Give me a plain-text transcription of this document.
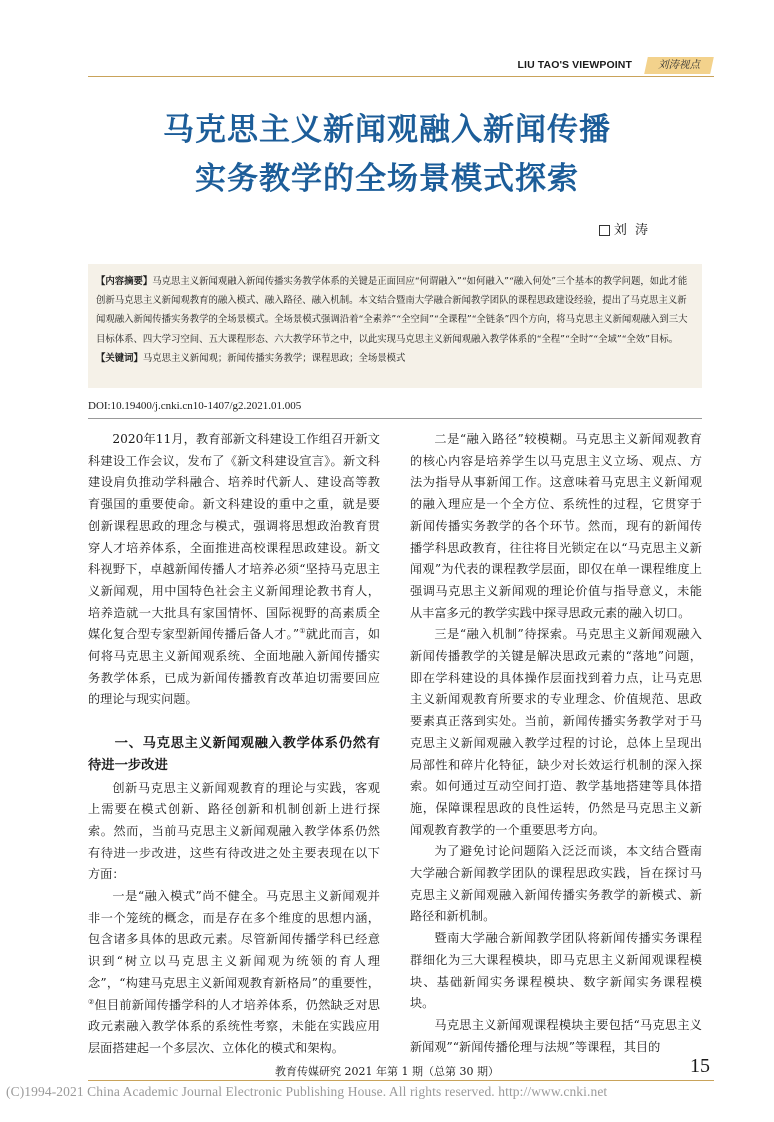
LIU TAO'S VIEWPOINT	刘涛视点
马克思主义新闻观融入新闻传播
实务教学的全场景模式探索
刘 涛
【内容摘要】马克思主义新闻观融入新闻传播实务教学体系的关键是正面回应“何谓融入”“如何融入”“融入何处”三个基本的教学问题，如此才能创新马克思主义新闻观教育的融入模式、融入路径、融入机制。本文结合暨南大学融合新闻教学团队的课程思政建设经验，提出了马克思主义新闻观融入新闻传播实务教学的全场景模式。全场景模式强调沿着“全素养”“全空间”“全课程”“全链条”四个方向，将马克思主义新闻观融入到三大目标体系、四大学习空间、五大课程形态、六大教学环节之中，以此实现马克思主义新闻观融入教学体系的“全程”“全时”“全域”“全效”目标。
【关键词】马克思主义新闻观；新闻传播实务教学；课程思政；全场景模式
DOI:10.19400/j.cnki.cn10-1407/g2.2021.01.005

2020年11月，教育部新文科建设工作组召开新文科建设工作会议，发布了《新文科建设宣言》。新文科建设肩负推动学科融合、培养时代新人、建设高等教育强国的重要使命。新文科建设的重中之重，就是要创新课程思政的理念与模式，强调将思想政治教育贯穿人才培养体系，全面推进高校课程思政建设。新文科视野下，卓越新闻传播人才培养必须“坚持马克思主义新闻观，用中国特色社会主义新闻理论教书育人，培养造就一大批具有家国情怀、国际视野的高素质全媒化复合型专家型新闻传播后备人才。”①就此而言，如何将马克思主义新闻观系统、全面地融入新闻传播实务教学体系，已成为新闻传播教育改革迫切需要回应的理论与现实问题。

一、马克思主义新闻观融入教学体系仍然有待进一步改进

创新马克思主义新闻观教育的理论与实践，客观上需要在模式创新、路径创新和机制创新上进行探索。然而，当前马克思主义新闻观融入教学体系仍然有待进一步改进，这些有待改进之处主要表现在以下方面：

一是“融入模式”尚不健全。马克思主义新闻观并非一个笼统的概念，而是存在多个维度的思想内涵，包含诸多具体的思政元素。尽管新闻传播学科已经意识到“树立以马克思主义新闻观为统领的育人理念”，“构建马克思主义新闻观教育新格局”的重要性，②但目前新闻传播学科的人才培养体系，仍然缺乏对思政元素融入教学体系的系统性考察，未能在实践应用层面搭建起一个多层次、立体化的模式和架构。

二是“融入路径”较模糊。马克思主义新闻观教育的核心内容是培养学生以马克思主义立场、观点、方法为指导从事新闻工作。这意味着马克思主义新闻观的融入理应是一个全方位、系统性的过程，它贯穿于新闻传播实务教学的各个环节。然而，现有的新闻传播学科思政教育，往往将目光锁定在以“马克思主义新闻观”为代表的课程教学层面，即仅在单一课程维度上强调马克思主义新闻观的理论价值与指导意义，未能从丰富多元的教学实践中探寻思政元素的融入切口。

三是“融入机制”待探索。马克思主义新闻观融入新闻传播教学的关键是解决思政元素的“落地”问题，即在学科建设的具体操作层面找到着力点，让马克思主义新闻观教育所要求的专业理念、价值规范、思政要素真正落到实处。当前，新闻传播实务教学对于马克思主义新闻观融入教学过程的讨论，总体上呈现出局部性和碎片化特征，缺少对长效运行机制的深入探索。如何通过互动空间打造、教学基地搭建等具体措施，保障课程思政的良性运转，仍然是马克思主义新闻观教育教学的一个重要思考方向。

为了避免讨论问题陷入泛泛而谈，本文结合暨南大学融合新闻教学团队的课程思政实践，旨在探讨马克思主义新闻观融入新闻传播实务教学的新模式、新路径和新机制。

暨南大学融合新闻教学团队将新闻传播实务课程群细化为三大课程模块，即马克思主义新闻观课程模块、基础新闻实务课程模块、数字新闻实务课程模块。

马克思主义新闻观课程模块主要包括“马克思主义新闻观”“新闻传播伦理与法规”等课程，其目的

教育传媒研究 2021 年第 1 期（总第 30 期）	15
(C)1994-2021 China Academic Journal Electronic Publishing House. All rights reserved. http://www.cnki.net
